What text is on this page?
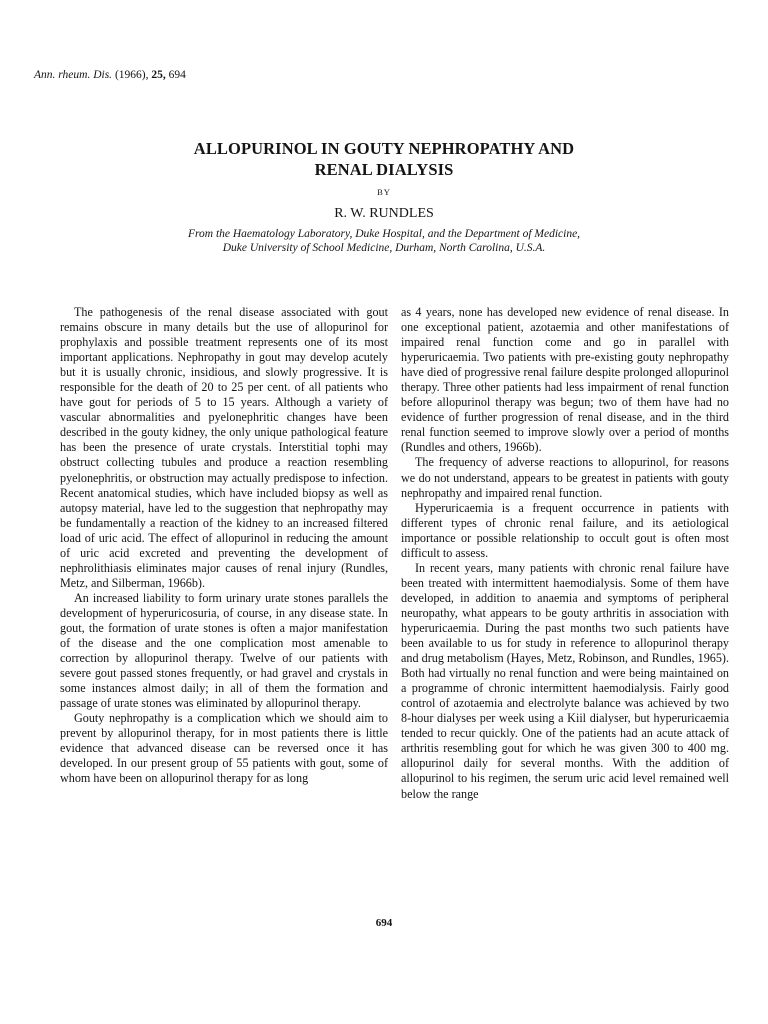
Ann. rheum. Dis. (1966), 25, 694
ALLOPURINOL IN GOUTY NEPHROPATHY AND
RENAL DIALYSIS
BY
R. W. RUNDLES
From the Haematology Laboratory, Duke Hospital, and the Department of Medicine,
Duke University of School Medicine, Durham, North Carolina, U.S.A.

The pathogenesis of the renal disease associated with gout remains obscure in many details but the use of allopurinol for prophylaxis and possible treatment represents one of its most important applications. Nephropathy in gout may develop acutely but it is usually chronic, insidious, and slowly progressive. It is responsible for the death of 20 to 25 per cent. of all patients who have gout for periods of 5 to 15 years. Although a variety of vascular abnormalities and pyelonephritic changes have been described in the gouty kidney, the only unique pathological feature has been the presence of urate crystals. Interstitial tophi may obstruct collecting tubules and produce a reaction resembling pyelonephritis, or obstruction may actually predispose to infection. Recent anatomical studies, which have included biopsy as well as autopsy material, have led to the suggestion that nephropathy may be fundamentally a reaction of the kidney to an increased filtered load of uric acid. The effect of allopurinol in reducing the amount of uric acid excreted and preventing the development of nephrolithiasis eliminates major causes of renal injury (Rundles, Metz, and Silberman, 1966b).

An increased liability to form urinary urate stones parallels the development of hyperuricosuria, of course, in any disease state. In gout, the formation of urate stones is often a major manifestation of the disease and the one complication most amenable to correction by allopurinol therapy. Twelve of our patients with severe gout passed stones frequently, or had gravel and crystals in some instances almost daily; in all of them the formation and passage of urate stones was eliminated by allopurinol therapy.

Gouty nephropathy is a complication which we should aim to prevent by allopurinol therapy, for in most patients there is little evidence that advanced disease can be reversed once it has developed. In our present group of 55 patients with gout, some of whom have been on allopurinol therapy for as long

as 4 years, none has developed new evidence of renal disease. In one exceptional patient, azotaemia and other manifestations of impaired renal function come and go in parallel with hyperuricaemia. Two patients with pre-existing gouty nephropathy have died of progressive renal failure despite prolonged allopurinol therapy. Three other patients had less impairment of renal function before allopurinol therapy was begun; two of them have had no evidence of further progression of renal disease, and in the third renal function seemed to improve slowly over a period of months (Rundles and others, 1966b).

The frequency of adverse reactions to allopurinol, for reasons we do not understand, appears to be greatest in patients with gouty nephropathy and impaired renal function.

Hyperuricaemia is a frequent occurrence in patients with different types of chronic renal failure, and its aetiological importance or possible relationship to occult gout is often most difficult to assess.

In recent years, many patients with chronic renal failure have been treated with intermittent haemodialysis. Some of them have developed, in addition to anaemia and symptoms of peripheral neuropathy, what appears to be gouty arthritis in association with hyperuricaemia. During the past months two such patients have been available to us for study in reference to allopurinol therapy and drug metabolism (Hayes, Metz, Robinson, and Rundles, 1965). Both had virtually no renal function and were being maintained on a programme of chronic intermittent haemodialysis. Fairly good control of azotaemia and electrolyte balance was achieved by two 8-hour dialyses per week using a Kiil dialyser, but hyperuricaemia tended to recur quickly. One of the patients had an acute attack of arthritis resembling gout for which he was given 300 to 400 mg. allopurinol daily for several months. With the addition of allopurinol to his regimen, the serum uric acid level remained well below the range

694
